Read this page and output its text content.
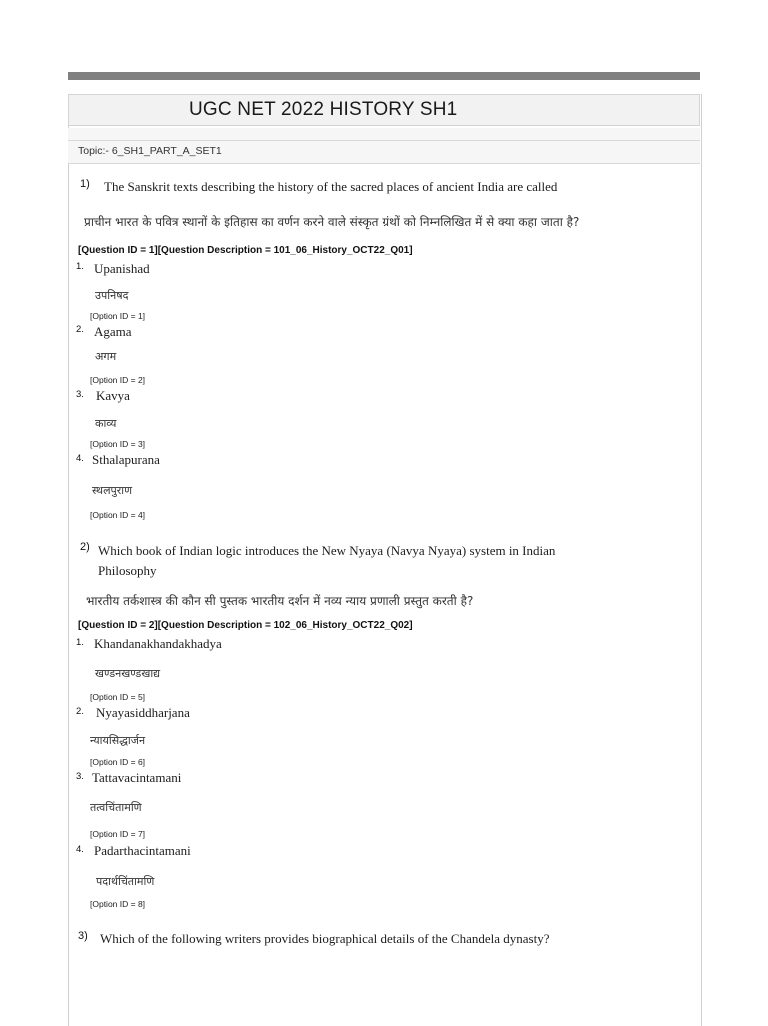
UGC NET 2022 HISTORY SH1
Topic:- 6_SH1_PART_A_SET1
1) The Sanskrit texts describing the history of the sacred places of ancient India are called
प्राचीन भारत के पवित्र स्थानों के इतिहास का वर्णन करने वाले संस्कृत ग्रंथों को निम्नलिखित में से क्या कहा जाता है?
[Question ID = 1][Question Description = 101_06_History_OCT22_Q01]
1. Upanishad
उपनिषद
[Option ID = 1]
2. Agama
अगम
[Option ID = 2]
3. Kavya
काव्य
[Option ID = 3]
4. Sthalapurana
स्थलपुराण
[Option ID = 4]
2) Which book of Indian logic introduces the New Nyaya (Navya Nyaya) system in Indian
Philosophy
भारतीय तर्कशास्त्र की कौन सी पुस्तक भारतीय दर्शन में नव्य न्याय प्रणाली प्रस्तुत करती है?
[Question ID = 2][Question Description = 102_06_History_OCT22_Q02]
1. Khandanakhandakhadya
खण्डनखण्डखाद्य
[Option ID = 5]
2. Nyayasiddharjana
न्यायसिद्धार्जन
[Option ID = 6]
3. Tattavacintamani
तत्वचिंतामणि
[Option ID = 7]
4. Padarthacintamani
पदार्थचिंतामणि
[Option ID = 8]
3) Which of the following writers provides biographical details of the Chandela dynasty?
